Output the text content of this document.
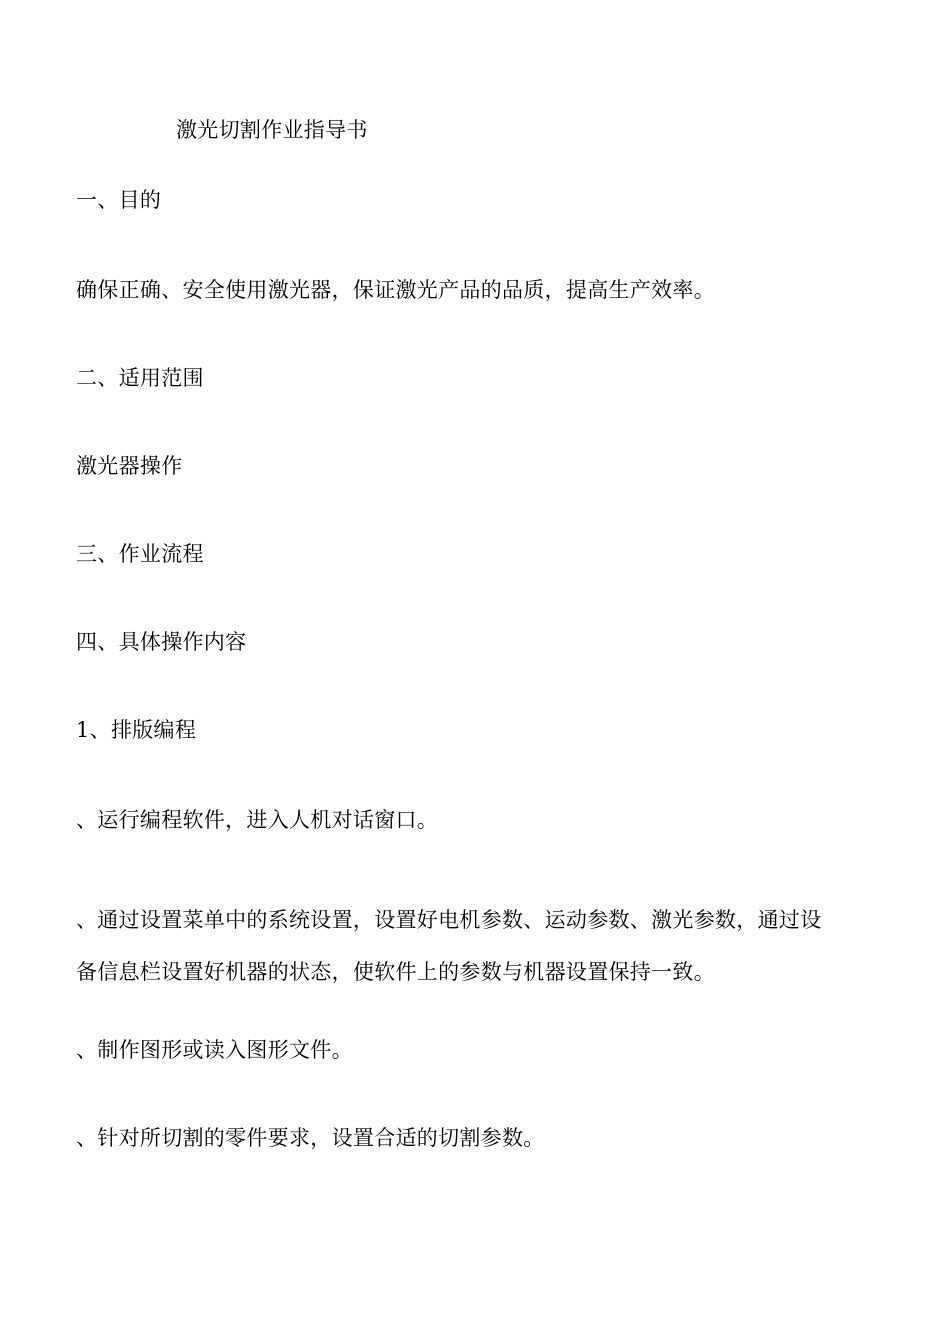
激光切割作业指导书
一、目的
确保正确、安全使用激光器，保证激光产品的品质，提高生产效率。
二、适用范围
激光器操作
三、作业流程
四、具体操作内容
1、排版编程
、运行编程软件，进入人机对话窗口。
、通过设置菜单中的系统设置，设置好电机参数、运动参数、激光参数，通过设
备信息栏设置好机器的状态，使软件上的参数与机器设置保持一致。
、制作图形或读入图形文件。
、针对所切割的零件要求，设置合适的切割参数。
